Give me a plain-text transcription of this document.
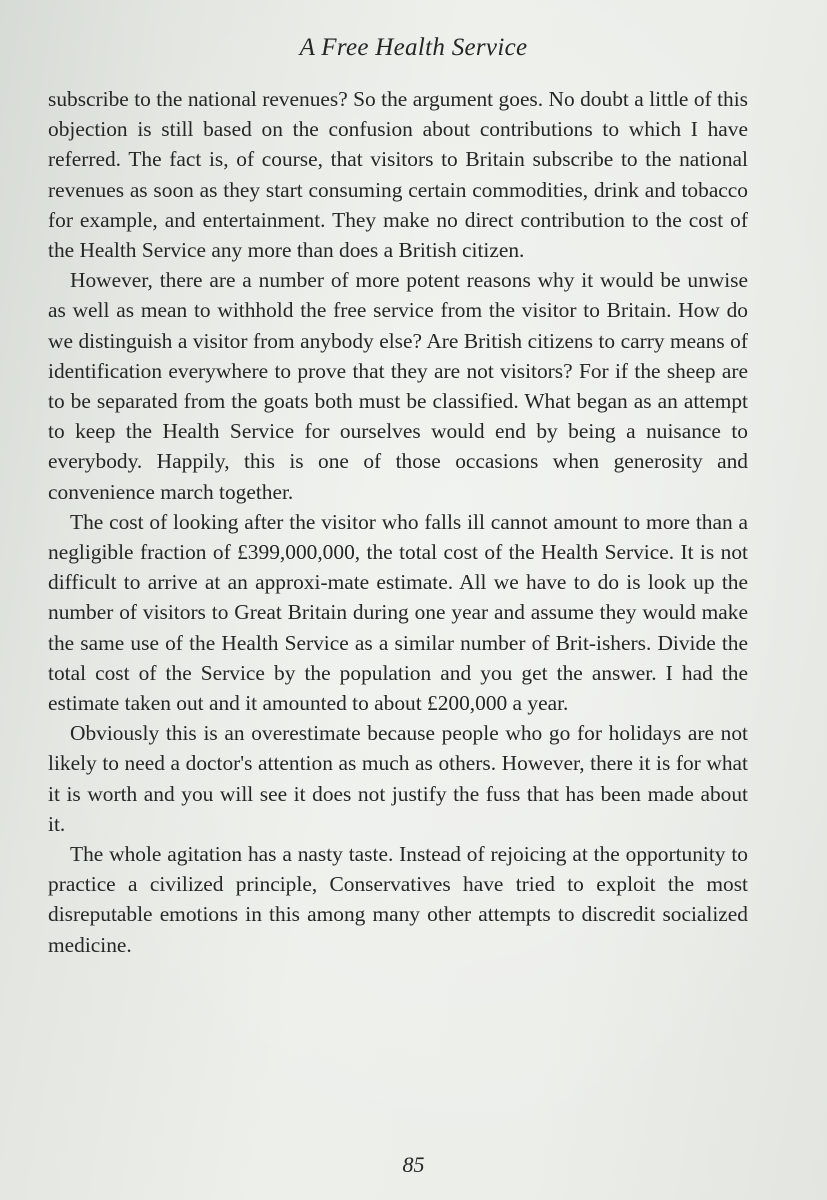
A Free Health Service

subscribe to the national revenues? So the argument goes. No doubt a little of this objection is still based on the confusion about contributions to which I have referred. The fact is, of course, that visitors to Britain subscribe to the national revenues as soon as they start consuming certain commodities, drink and tobacco for example, and entertainment. They make no direct contribution to the cost of the Health Service any more than does a British citizen.

However, there are a number of more potent reasons why it would be unwise as well as mean to withhold the free service from the visitor to Britain. How do we distinguish a visitor from anybody else? Are British citizens to carry means of identification everywhere to prove that they are not visitors? For if the sheep are to be separated from the goats both must be classified. What began as an attempt to keep the Health Service for ourselves would end by being a nuisance to everybody. Happily, this is one of those occasions when generosity and convenience march together.

The cost of looking after the visitor who falls ill cannot amount to more than a negligible fraction of £399,000,000, the total cost of the Health Service. It is not difficult to arrive at an approxi-mate estimate. All we have to do is look up the number of visitors to Great Britain during one year and assume they would make the same use of the Health Service as a similar number of Brit-ishers. Divide the total cost of the Service by the population and you get the answer. I had the estimate taken out and it amounted to about £200,000 a year.

Obviously this is an overestimate because people who go for holidays are not likely to need a doctor's attention as much as others. However, there it is for what it is worth and you will see it does not justify the fuss that has been made about it.

The whole agitation has a nasty taste. Instead of rejoicing at the opportunity to practice a civilized principle, Conservatives have tried to exploit the most disreputable emotions in this among many other attempts to discredit socialized medicine.

85
